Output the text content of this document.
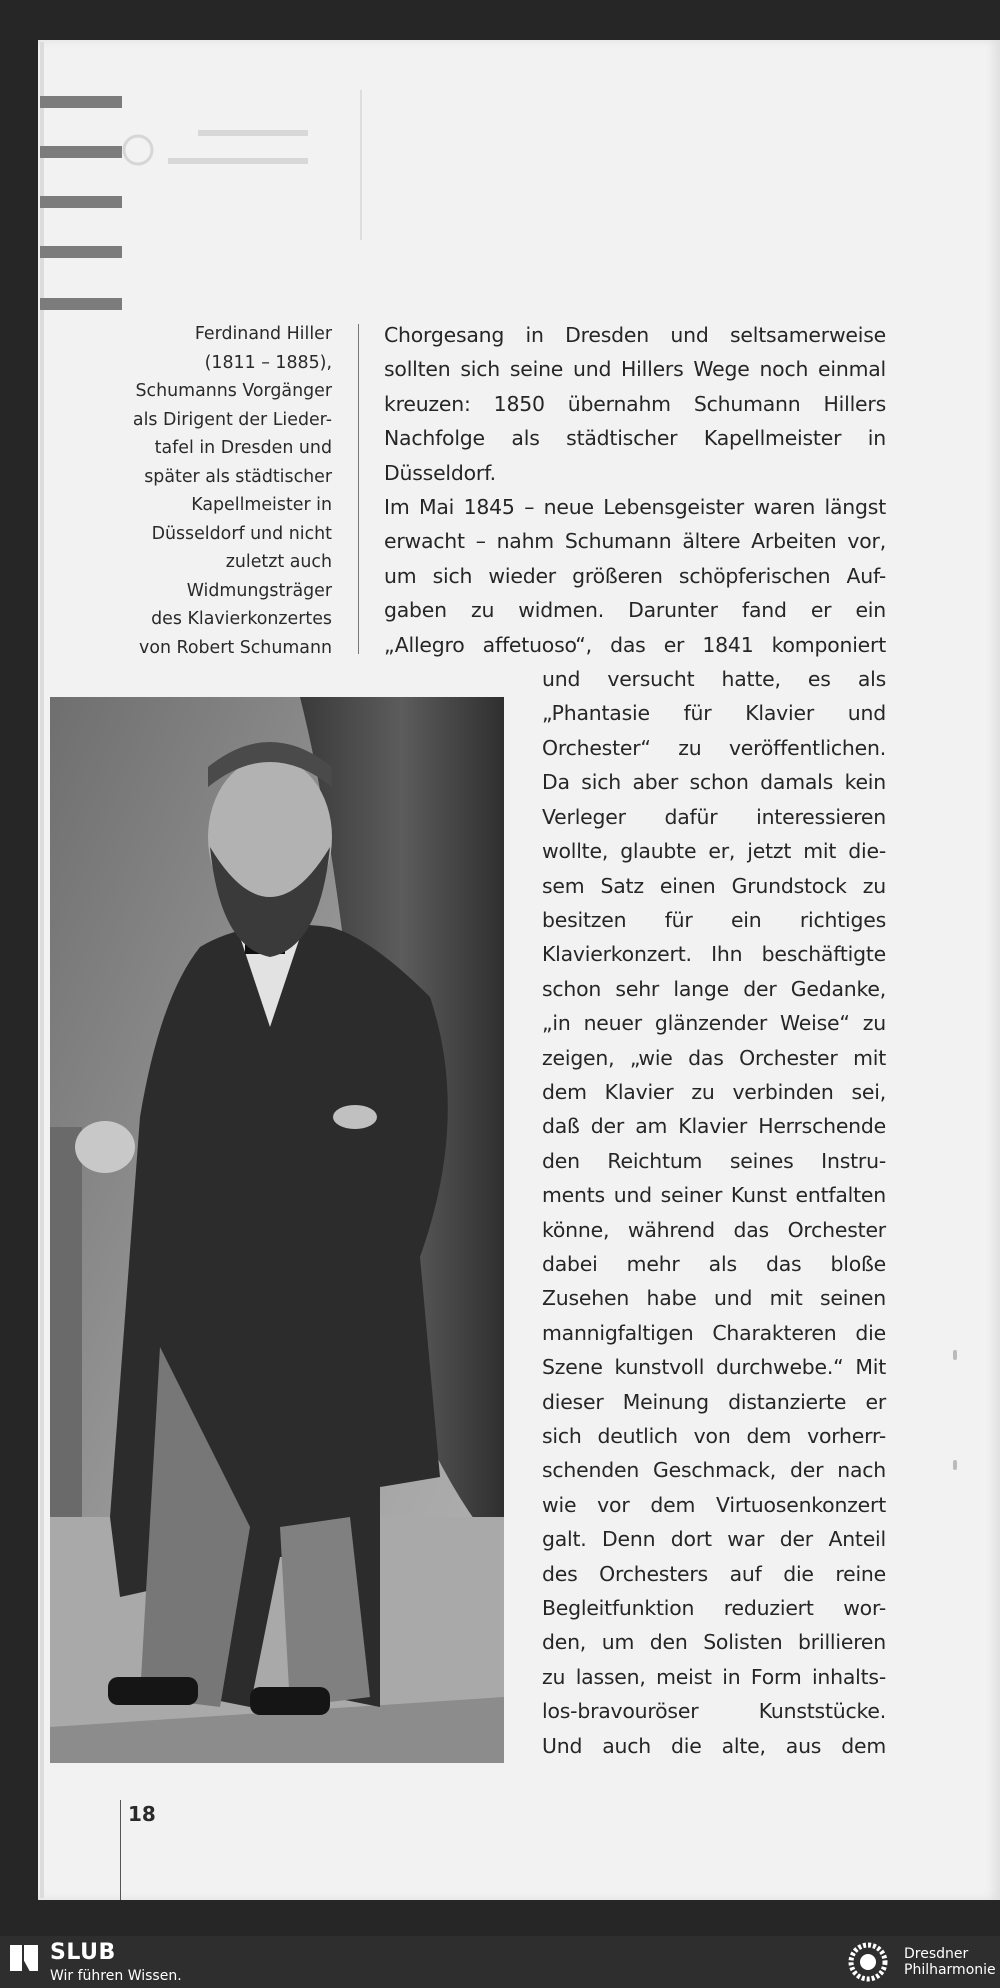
Ferdinand Hiller
(1811 – 1885),
Schumanns Vorgänger
als Dirigent der Lieder-
tafel in Dresden und
später als städtischer
Kapellmeister in
Düsseldorf und nicht
zuletzt auch
Widmungsträger
des Klavierkonzertes
von Robert Schumann
Chorgesang in Dresden und seltsamerweise
sollten sich seine und Hillers Wege noch einmal
kreuzen: 1850 übernahm Schumann Hillers
Nachfolge als städtischer Kapellmeister in
Düsseldorf.
Im Mai 1845 – neue Lebensgeister waren längst
erwacht – nahm Schumann ältere Arbeiten vor,
um sich wieder größeren schöpferischen Auf-
gaben zu widmen. Darunter fand er ein
„Allegro affetuoso“, das er 1841 komponiert
und versucht hatte, es als
„Phantasie für Klavier und
Orchester“ zu veröffentlichen.
Da sich aber schon damals kein
Verleger dafür interessieren
wollte, glaubte er, jetzt mit die-
sem Satz einen Grundstock zu
besitzen für ein richtiges
Klavierkonzert. Ihn beschäftigte
schon sehr lange der Gedanke,
„in neuer glänzender Weise“ zu
zeigen, „wie das Orchester mit
dem Klavier zu verbinden sei,
daß der am Klavier Herrschende
den Reichtum seines Instru-
ments und seiner Kunst entfalten
könne, während das Orchester
dabei mehr als das bloße
Zusehen habe und mit seinen
mannigfaltigen Charakteren die
Szene kunstvoll durchwebe.“ Mit
dieser Meinung distanzierte er
sich deutlich von dem vorherr-
schenden Geschmack, der nach
wie vor dem Virtuosenkonzert
galt. Denn dort war der Anteil
des Orchesters auf die reine
Begleitfunktion reduziert wor-
den, um den Solisten brillieren
zu lassen, meist in Form inhalts-
los-bravouröser Kunststücke.
Und auch die alte, aus dem
18
SLUB
Wir führen Wissen.
Dresdner
Philharmonie
